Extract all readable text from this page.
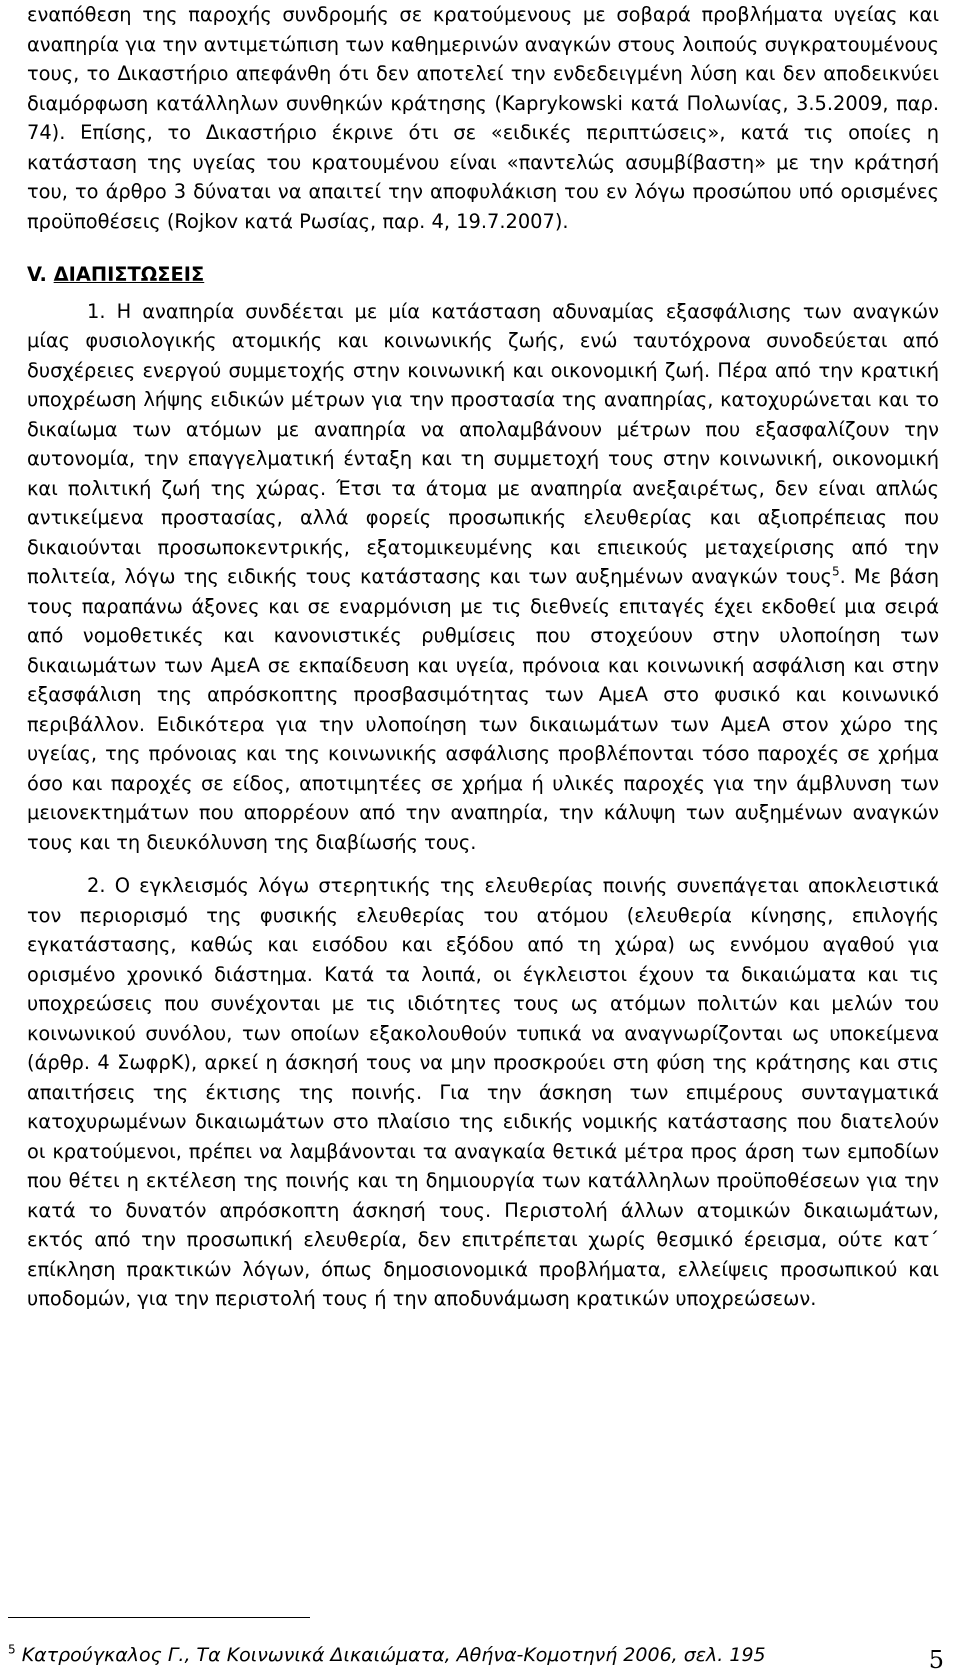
εναπόθεση της παροχής συνδρομής σε κρατούμενους με σοβαρά προβλήματα υγείας και αναπηρία για την αντιμετώπιση των καθημερινών αναγκών στους λοιπούς συγκρατουμένους τους, το Δικαστήριο απεφάνθη ότι δεν αποτελεί την ενδεδειγμένη λύση και δεν αποδεικνύει διαμόρφωση κατάλληλων συνθηκών κράτησης (Kaprykowski κατά Πολωνίας, 3.5.2009, παρ. 74). Επίσης, το Δικαστήριο έκρινε ότι σε «ειδικές περιπτώσεις», κατά τις οποίες η κατάσταση της υγείας του κρατουμένου είναι «παντελώς ασυμβίβαστη» με την κράτησή του, το άρθρο 3 δύναται να απαιτεί την αποφυλάκιση του εν λόγω προσώπου υπό ορισμένες προϋποθέσεις (Rojkov κατά Ρωσίας, παρ. 4, 19.7.2007).

V. ΔΙΑΠΙΣΤΩΣΕΙΣ

1. Η αναπηρία συνδέεται με μία κατάσταση αδυναμίας εξασφάλισης των αναγκών μίας φυσιολογικής ατομικής και κοινωνικής ζωής, ενώ ταυτόχρονα συνοδεύεται από δυσχέρειες ενεργού συμμετοχής στην κοινωνική και οικονομική ζωή. Πέρα από την κρατική υποχρέωση λήψης ειδικών μέτρων για την προστασία της αναπηρίας, κατοχυρώνεται και το δικαίωμα των ατόμων με αναπηρία να απολαμβάνουν μέτρων που εξασφαλίζουν την αυτονομία, την επαγγελματική ένταξη και τη συμμετοχή τους στην κοινωνική, οικονομική και πολιτική ζωή της χώρας. Έτσι τα άτομα με αναπηρία ανεξαιρέτως, δεν είναι απλώς αντικείμενα προστασίας, αλλά φορείς προσωπικής ελευθερίας και αξιοπρέπειας που δικαιούνται προσωποκεντρικής, εξατομικευμένης και επιεικούς μεταχείρισης από την πολιτεία, λόγω της ειδικής τους κατάστασης και των αυξημένων αναγκών τους$^5$. Με βάση τους παραπάνω άξονες και σε εναρμόνιση με τις διεθνείς επιταγές έχει εκδοθεί μια σειρά από νομοθετικές και κανονιστικές ρυθμίσεις που στοχεύουν στην υλοποίηση των δικαιωμάτων των ΑμεΑ σε εκπαίδευση και υγεία, πρόνοια και κοινωνική ασφάλιση και στην εξασφάλιση της απρόσκοπτης προσβασιμότητας των ΑμεΑ στο φυσικό και κοινωνικό περιβάλλον. Ειδικότερα για την υλοποίηση των δικαιωμάτων των ΑμεΑ στον χώρο της υγείας, της πρόνοιας και της κοινωνικής ασφάλισης προβλέπονται τόσο παροχές σε χρήμα όσο και παροχές σε είδος, αποτιμητέες σε χρήμα ή υλικές παροχές για την άμβλυνση των μειονεκτημάτων που απορρέουν από την αναπηρία, την κάλυψη των αυξημένων αναγκών τους και τη διευκόλυνση της διαβίωσής τους.

2. Ο εγκλεισμός λόγω στερητικής της ελευθερίας ποινής συνεπάγεται αποκλειστικά τον περιορισμό της φυσικής ελευθερίας του ατόμου (ελευθερία κίνησης, επιλογής εγκατάστασης, καθώς και εισόδου και εξόδου από τη χώρα) ως εννόμου αγαθού για ορισμένο χρονικό διάστημα. Κατά τα λοιπά, οι έγκλειστοι έχουν τα δικαιώματα και τις υποχρεώσεις που συνέχονται με τις ιδιότητες τους ως ατόμων πολιτών και μελών του κοινωνικού συνόλου, των οποίων εξακολουθούν τυπικά να αναγνωρίζονται ως υποκείμενα (άρθρ. 4 ΣωφρΚ), αρκεί η άσκησή τους να μην προσκρούει στη φύση της κράτησης και στις απαιτήσεις της έκτισης της ποινής. Για την άσκηση των επιμέρους συνταγματικά κατοχυρωμένων δικαιωμάτων στο πλαίσιο της ειδικής νομικής κατάστασης που διατελούν οι κρατούμενοι, πρέπει να λαμβάνονται τα αναγκαία θετικά μέτρα προς άρση των εμποδίων που θέτει η εκτέλεση της ποινής και τη δημιουργία των κατάλληλων προϋποθέσεων για την κατά το δυνατόν απρόσκοπτη άσκησή τους. Περιστολή άλλων ατομικών δικαιωμάτων, εκτός από την προσωπική ελευθερία, δεν επιτρέπεται χωρίς θεσμικό έρεισμα, ούτε κατ΄ επίκληση πρακτικών λόγων, όπως δημοσιονομικά προβλήματα, ελλείψεις προσωπικού και υποδομών, για την περιστολή τους ή την αποδυνάμωση κρατικών υποχρεώσεων.

$^5$ Κατρούγκαλος Γ., Τα Κοινωνικά Δικαιώματα, Αθήνα-Κομοτηνή 2006, σελ. 195	5
